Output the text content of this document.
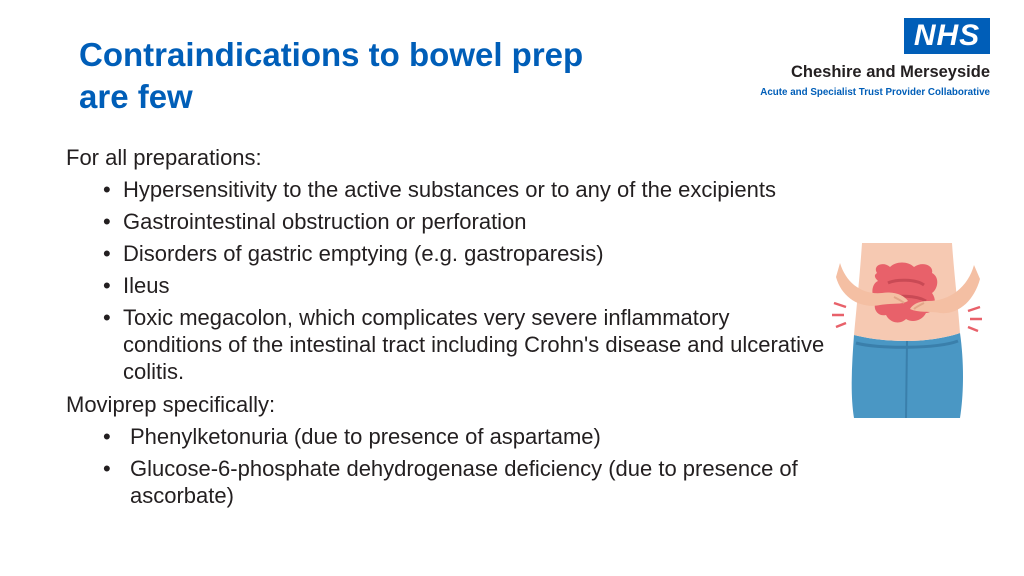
Contraindications to bowel prep
are few
NHS
Cheshire and Merseyside
Acute and Specialist Trust Provider Collaborative

For all preparations:

• Hypersensitivity to the active substances or to any of the excipients
• Gastrointestinal obstruction or perforation
• Disorders of gastric emptying (e.g. gastroparesis)
• Ileus
• Toxic megacolon, which complicates very severe inflammatory conditions of the intestinal tract including Crohn's disease and ulcerative colitis.

Moviprep specifically:

• Phenylketonuria (due to presence of aspartame)
• Glucose-6-phosphate dehydrogenase deficiency (due to presence of ascorbate)
